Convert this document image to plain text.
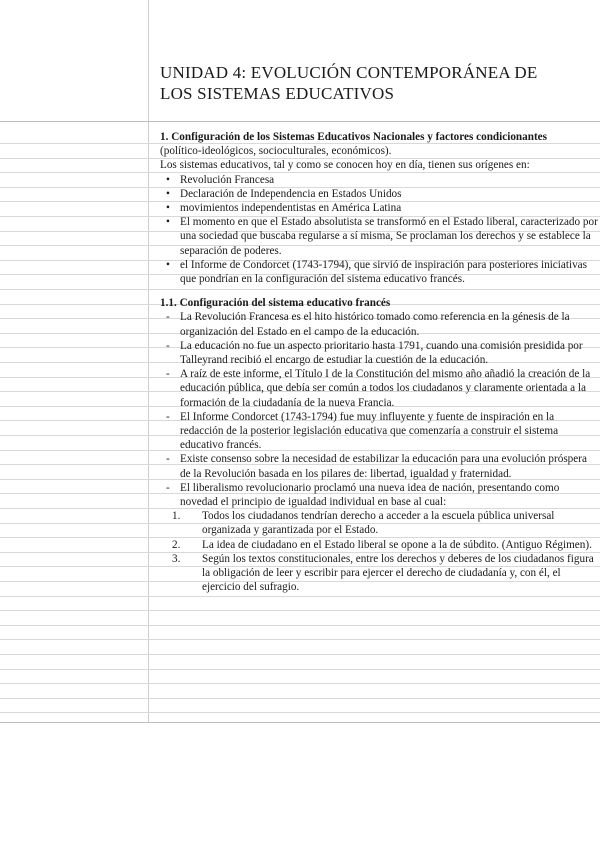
UNIDAD 4: EVOLUCIÓN CONTEMPORÁNEA DE
LOS SISTEMAS EDUCATIVOS

1. Configuración de los Sistemas Educativos Nacionales y factores condicionantes

(político-ideológicos, socioculturales, económicos).

Los sistemas educativos, tal y como se conocen hoy en día, tienen sus orígenes en:

• Revolución Francesa
• Declaración de Independencia en Estados Unidos
• movimientos independentistas en América Latina
• El momento en que el Estado absolutista se transformó en el Estado liberal, caracterizado por una sociedad que buscaba regularse a sí misma, Se proclaman los derechos y se establece la separación de poderes.
• el Informe de Condorcet (1743-1794), que sirvió de inspiración para posteriores iniciativas que pondrían en la configuración del sistema educativo francés.

1.1. Configuración del sistema educativo francés

- La Revolución Francesa es el hito histórico tomado como referencia en la génesis de la organización del Estado en el campo de la educación.
- La educación no fue un aspecto prioritario hasta 1791, cuando una comisión presidida por Talleyrand recibió el encargo de estudiar la cuestión de la educación.
- A raíz de este informe, el Título I de la Constitución del mismo año añadió la creación de la educación pública, que debía ser común a todos los ciudadanos y claramente orientada a la formación de la ciudadanía de la nueva Francia.
- El Informe Condorcet (1743-1794) fue muy influyente y fuente de inspiración en la redacción de la posterior legislación educativa que comenzaría a construir el sistema educativo francés.
- Existe consenso sobre la necesidad de estabilizar la educación para una evolución próspera de la Revolución basada en los pilares de: libertad, igualdad y fraternidad.
- El liberalismo revolucionario proclamó una nueva idea de nación, presentando como novedad el principio de igualdad individual en base al cual:
1. Todos los ciudadanos tendrían derecho a acceder a la escuela pública universal organizada y garantizada por el Estado.
2. La idea de ciudadano en el Estado liberal se opone a la de súbdito. (Antiguo Régimen).
3. Según los textos constitucionales, entre los derechos y deberes de los ciudadanos figura la obligación de leer y escribir para ejercer el derecho de ciudadanía y, con él, el ejercicio del sufragio.
